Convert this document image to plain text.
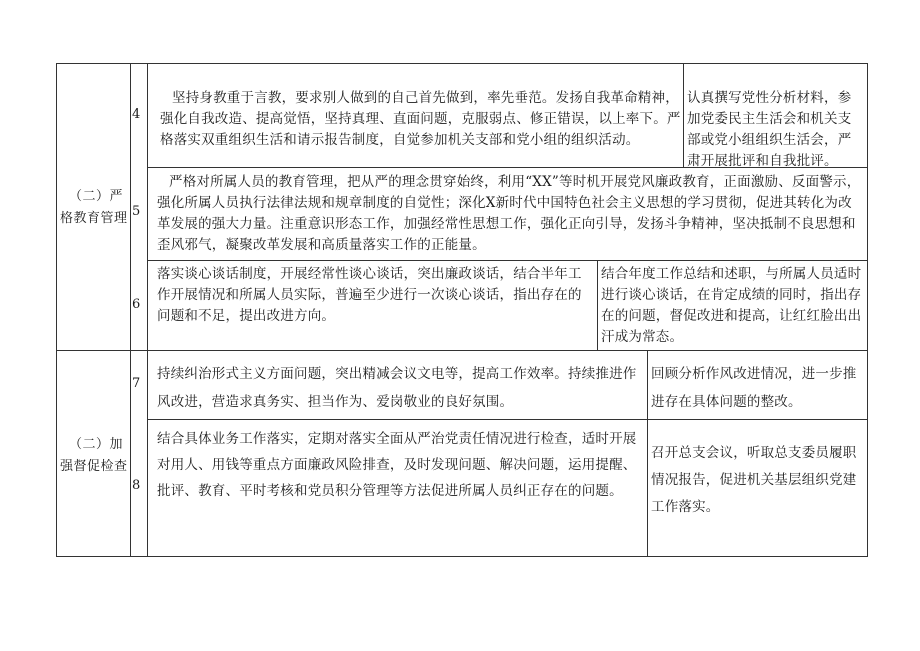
（二）严
格教育管理
（二）加
强督促检查
4
5
6
7
8
坚持身教重于言教，要求别人做到的自己首先做到，率先垂范。发扬自我革命精神，强化自我改造、提高觉悟，坚持真理、直面问题，克服弱点、修正错误，以上率下。严格落实双重组织生活和请示报告制度，自觉参加机关支部和党小组的组织活动。
认真撰写党性分析材料，参加党委民主生活会和机关支部或党小组组织生活会，严肃开展批评和自我批评。
严格对所属人员的教育管理，把从严的理念贯穿始终，利用“XX”等时机开展党风廉政教育，正面激励、反面警示，强化所属人员执行法律法规和规章制度的自觉性；深化X新时代中国特色社会主义思想的学习贯彻，促进其转化为改革发展的强大力量。注重意识形态工作，加强经常性思想工作，强化正向引导，发扬斗争精神，坚决抵制不良思想和歪风邪气，凝聚改革发展和高质量落实工作的正能量。
落实谈心谈话制度，开展经常性谈心谈话，突出廉政谈话，结合半年工作开展情况和所属人员实际，普遍至少进行一次谈心谈话，指出存在的问题和不足，提出改进方向。
结合年度工作总结和述职，与所属人员适时进行谈心谈话，在肯定成绩的同时，指出存在的问题，督促改进和提高，让红红脸出出汗成为常态。
持续纠治形式主义方面问题，突出精减会议文电等，提高工作效率。持续推进作风改进，营造求真务实、担当作为、爱岗敬业的良好氛围。
回顾分析作风改进情况，进一步推进存在具体问题的整改。
结合具体业务工作落实，定期对落实全面从严治党责任情况进行检查，适时开展对用人、用钱等重点方面廉政风险排查，及时发现问题、解决问题，运用提醒、批评、教育、平时考核和党员积分管理等方法促进所属人员纠正存在的问题。
召开总支会议，听取总支委员履职情况报告，促进机关基层组织党建工作落实。
